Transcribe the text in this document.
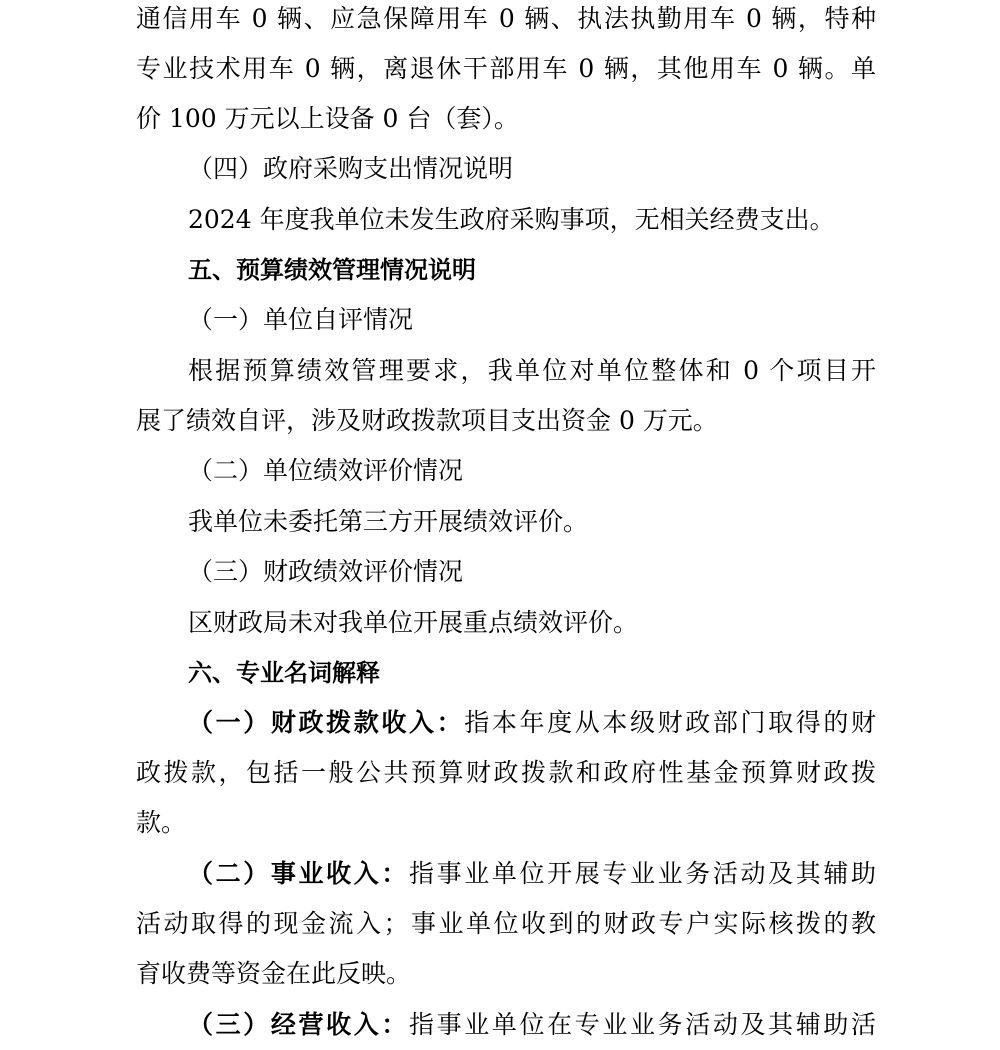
通信用车 0 辆、应急保障用车 0 辆、执法执勤用车 0 辆，特种
专业技术用车 0 辆，离退休干部用车 0 辆，其他用车 0 辆。单
价 100 万元以上设备 0 台（套）。
（四）政府采购支出情况说明
2024 年度我单位未发生政府采购事项，无相关经费支出。
五、预算绩效管理情况说明
（一）单位自评情况
根据预算绩效管理要求，我单位对单位整体和 0 个项目开
展了绩效自评，涉及财政拨款项目支出资金 0 万元。
（二）单位绩效评价情况
我单位未委托第三方开展绩效评价。
（三）财政绩效评价情况
区财政局未对我单位开展重点绩效评价。
六、专业名词解释
（一）财政拨款收入：指本年度从本级财政部门取得的财
政拨款，包括一般公共预算财政拨款和政府性基金预算财政拨
款。
（二）事业收入：指事业单位开展专业业务活动及其辅助
活动取得的现金流入；事业单位收到的财政专户实际核拨的教
育收费等资金在此反映。
（三）经营收入：指事业单位在专业业务活动及其辅助活
